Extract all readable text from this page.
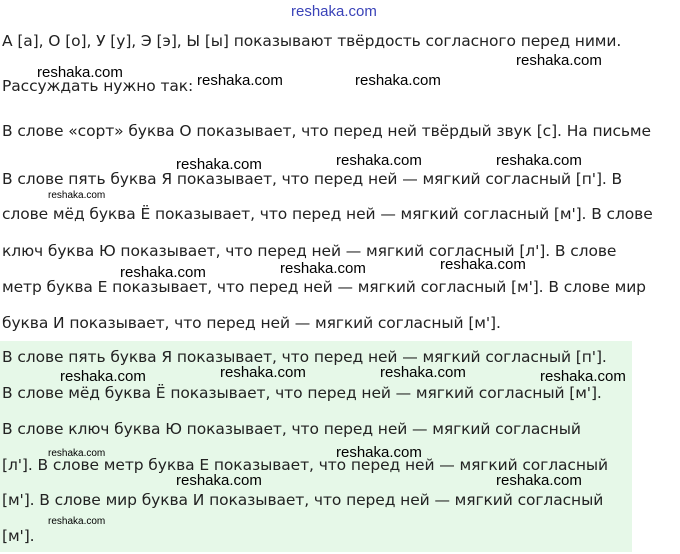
А [а], О [о], У [у], Э [э], Ы [ы] показывают твёрдость согласного перед ними.

Рассуждать нужно так:

В слове «сорт» буква О показывает, что перед ней твёрдый звук [с]. На письме

В слове пять буква Я показывает, что перед ней — мягкий согласный [п']. В

слове мёд буква Ё показывает, что перед ней — мягкий согласный [м']. В слове

ключ буква Ю показывает, что перед ней — мягкий согласный [л']. В слове

метр буква Е показывает, что перед ней — мягкий согласный [м']. В слове мир

буква И показывает, что перед ней — мягкий согласный [м'].

В слове пять буква Я показывает, что перед ней — мягкий согласный [п'].

В слове мёд буква Ё показывает, что перед ней — мягкий согласный [м'].

В слове ключ буква Ю показывает, что перед ней — мягкий согласный

[л']. В слове метр буква Е показывает, что перед ней — мягкий согласный

[м']. В слове мир буква И показывает, что перед ней — мягкий согласный

[м'].

reshaka.com
reshaka.com	reshaka.com	reshaka.com
reshaka.com
reshaka.com	reshaka.com	reshaka.com
reshaka.com
reshaka.com	reshaka.com	reshaka.com
reshaka.com	reshaka.com	reshaka.com	reshaka.com
reshaka.com	reshaka.com
reshaka.com	reshaka.com
reshaka.com
